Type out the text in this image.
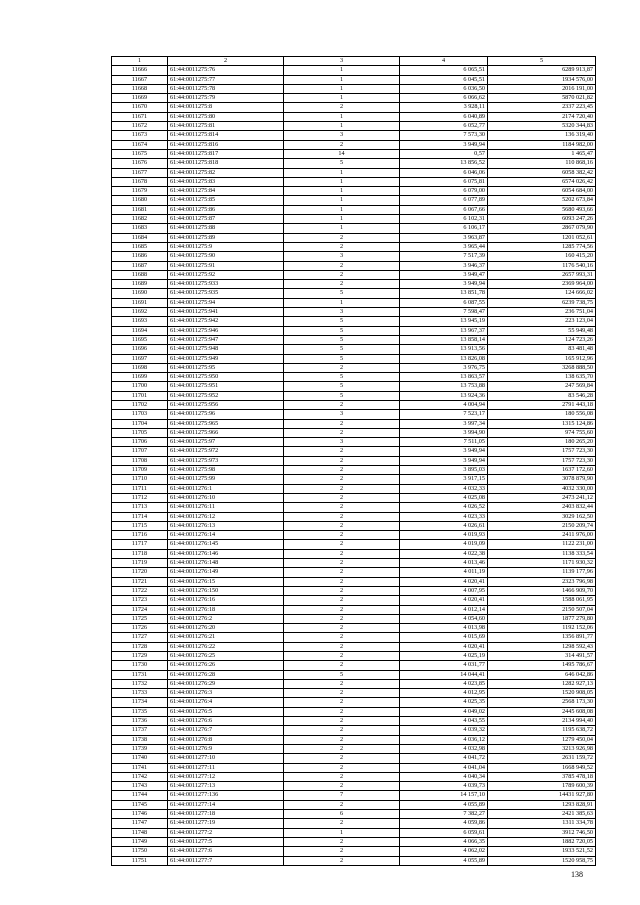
1	2	3	4	5
11666	61:44:0011275:76	1	6 065,51	6289 913,87
11667	61:44:0011275:77	1	6 045,51	1934 576,00
11668	61:44:0011275:78	1	6 036,50	2016 191,00
11669	61:44:0011275:79	1	6 066,62	5870 021,82
11670	61:44:0011275:8	2	3 928,11	2337 223,45
11671	61:44:0011275:80	1	6 040,89	2174 720,40
11672	61:44:0011275:81	1	6 052,77	5320 344,83
11673	61:44:0011275:814	3	7 573,30	136 319,40
11674	61:44:0011275:816	2	3 949,94	1184 982,00
11675	61:44:0011275:817	14	0,57	1 465,47
11676	61:44:0011275:818	5	13 856,52	110 868,16
11677	61:44:0011275:82	1	6 046,06	6058 382,42
11678	61:44:0011275:83	1	6 075,81	6574 026,42
11679	61:44:0011275:84	1	6 079,00	6054 684,00
11680	61:44:0011275:85	1	6 077,89	5202 673,84
11681	61:44:0011275:86	1	6 067,66	5680 493,66
11682	61:44:0011275:87	1	6 102,31	6093 247,26
11683	61:44:0011275:88	1	6 106,17	2867 079,90
11684	61:44:0011275:89	2	3 963,87	1201 052,61
11685	61:44:0011275:9	2	3 965,44	1285 774,56
11686	61:44:0011275:90	3	7 517,39	160 415,20
11687	61:44:0011275:91	2	3 946,37	1176 540,16
11688	61:44:0011275:92	2	3 949,47	2657 993,31
11689	61:44:0011275:933	2	3 949,94	2369 964,00
11690	61:44:0011275:935	5	13 851,78	124 666,02
11691	61:44:0011275:94	1	6 087,55	6239 738,75
11692	61:44:0011275:941	3	7 598,47	236 751,04
11693	61:44:0011275:942	5	13 945,19	223 123,04
11694	61:44:0011275:946	5	13 967,37	55 949,48
11695	61:44:0011275:947	5	13 858,14	124 723,26
11696	61:44:0011275:948	5	13 913,56	83 481,48
11697	61:44:0011275:949	5	13 826,08	165 912,96
11698	61:44:0011275:95	2	3 976,75	3268 888,50
11699	61:44:0011275:950	5	13 863,57	138 635,70
11700	61:44:0011275:951	5	13 753,88	247 569,84
11701	61:44:0011275:952	5	13 924,36	83 546,28
11702	61:44:0011275:956	2	4 004,94	2791 443,18
11703	61:44:0011275:96	3	7 523,17	180 556,08
11704	61:44:0011275:965	2	3 997,34	1315 124,86
11705	61:44:0011275:966	2	3 994,90	974 755,60
11706	61:44:0011275:97	3	7 511,05	180 265,20
11707	61:44:0011275:972	2	3 949,94	1757 723,30
11708	61:44:0011275:973	2	3 949,94	1757 723,30
11709	61:44:0011275:98	2	3 895,03	1637 172,60
11710	61:44:0011275:99	2	3 917,15	3078 879,90
11711	61:44:0011276:1	2	4 032,33	4032 330,00
11712	61:44:0011276:10	2	4 025,08	2473 241,12
11713	61:44:0011276:11	2	4 026,52	2403 832,44
11714	61:44:0011276:12	2	4 023,33	3029 162,50
11715	61:44:0011276:13	2	4 026,61	2150 209,74
11716	61:44:0011276:14	2	4 019,93	2411 976,00
11717	61:44:0011276:145	2	4 019,09	1122 231,00
11718	61:44:0011276:146	2	4 022,38	1138 333,54
11719	61:44:0011276:148	2	4 013,46	1171 930,32
11720	61:44:0011276:149	2	4 011,19	1139 177,96
11721	61:44:0011276:15	2	4 020,41	2323 796,98
11722	61:44:0011276:150	2	4 007,95	1466 909,70
11723	61:44:0011276:16	2	4 020,41	1588 061,95
11724	61:44:0011276:18	2	4 012,14	2150 507,04
11725	61:44:0011276:2	2	4 054,60	1877 279,80
11726	61:44:0011276:20	2	4 013,98	1192 152,06
11727	61:44:0011276:21	2	4 015,69	1356 891,77
11728	61:44:0011276:22	2	4 020,41	1298 592,43
11729	61:44:0011276:25	2	4 025,19	314 491,57
11730	61:44:0011276:26	2	4 031,77	1495 786,67
11731	61:44:0011276:28	5	14 044,41	646 042,86
11732	61:44:0011276:29	2	4 023,85	1282 927,13
11733	61:44:0011276:3	2	4 012,95	1520 908,05
11734	61:44:0011276:4	2	4 025,35	2568 173,30
11735	61:44:0011276:5	2	4 049,02	2445 608,08
11736	61:44:0011276:6	2	4 043,55	2134 994,40
11737	61:44:0011276:7	2	4 039,32	1195 638,72
11738	61:44:0011276:8	2	4 036,12	1279 450,04
11739	61:44:0011276:9	2	4 032,98	3213 926,98
11740	61:44:0011277:10	2	4 041,72	2631 159,72
11741	61:44:0011277:11	2	4 041,04	1668 949,52
11742	61:44:0011277:12	2	4 040,34	3785 478,18
11743	61:44:0011277:13	2	4 039,73	1789 600,39
11744	61:44:0011277:136	7	14 157,10	14431 927,80
11745	61:44:0011277:14	2	4 055,89	1293 828,91
11746	61:44:0011277:18	6	7 382,27	2421 385,63
11747	61:44:0011277:19	2	4 059,86	1311 334,78
11748	61:44:0011277:2	1	6 059,61	3912 746,50
11749	61:44:0011277:5	2	4 066,35	1882 720,05
11750	61:44:0011277:6	2	4 062,02	1933 521,52
11751	61:44:0011277:7	2	4 055,89	1520 958,75
138
